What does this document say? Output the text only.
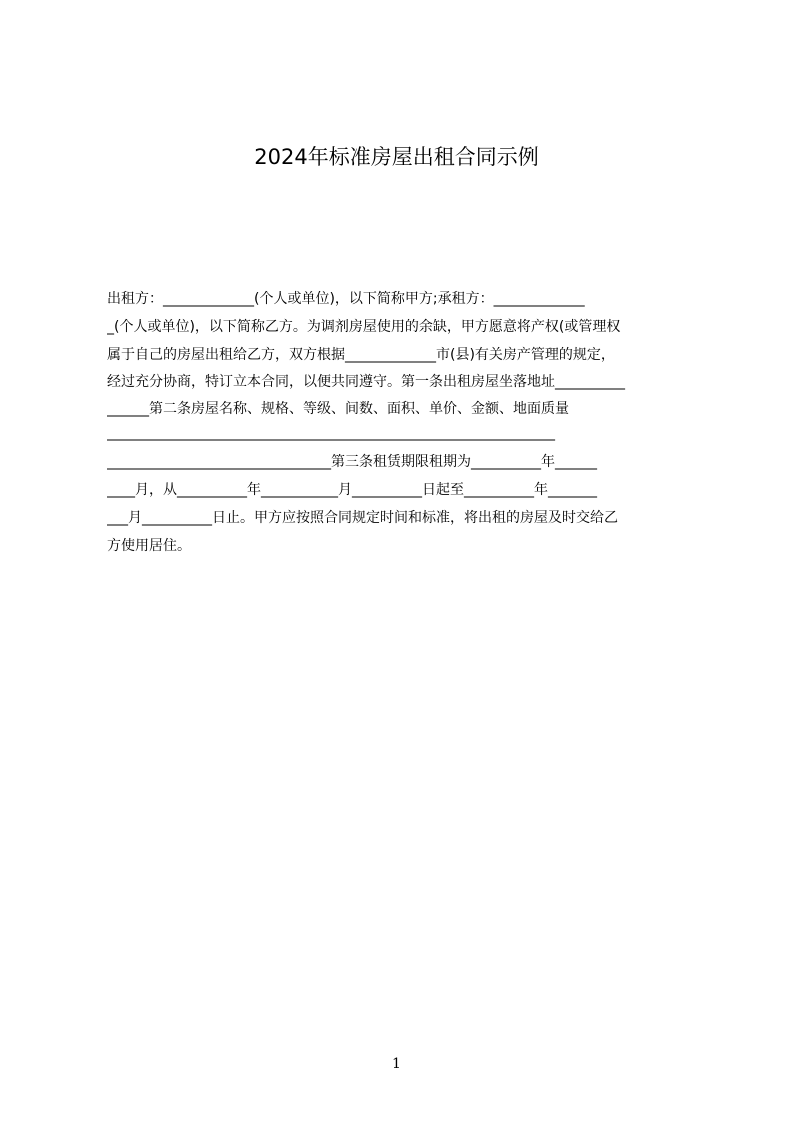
2024年标准房屋出租合同示例
出租方：_____________(个人或单位)，以下简称甲方;承租方：_____________
_(个人或单位)，以下简称乙方。为调剂房屋使用的余缺，甲方愿意将产权(或管理权
属于自己的房屋出租给乙方，双方根据_____________市(县)有关房产管理的规定，
经过充分协商，特订立本合同，以便共同遵守。第一条出租房屋坐落地址__________
______第二条房屋名称、规格、等级、间数、面积、单价、金额、地面质量
________________________________________________________________
________________________________第三条租赁期限租期为__________年______
____月，从__________年___________月__________日起至__________年_______
___月__________日止。甲方应按照合同规定时间和标准，将出租的房屋及时交给乙
方使用居住。
1
